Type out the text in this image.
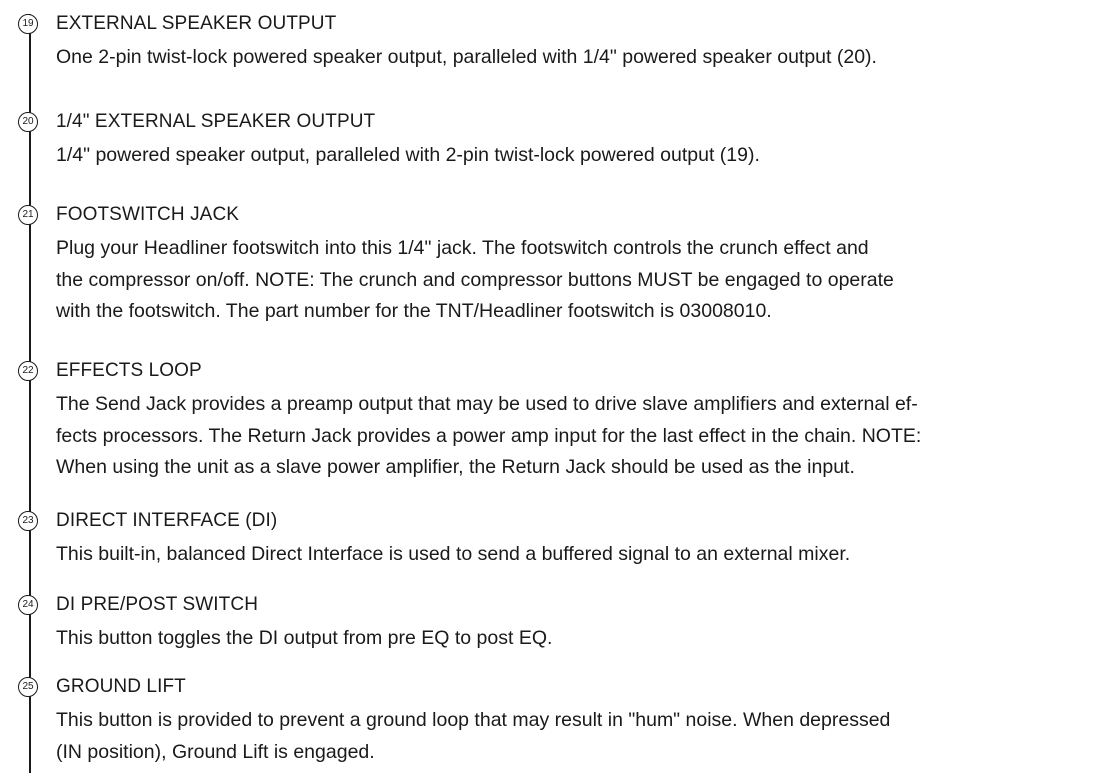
19 EXTERNAL SPEAKER OUTPUT
One 2-pin twist-lock powered speaker output, paralleled with 1/4" powered speaker output (20).
20 1/4" EXTERNAL SPEAKER OUTPUT
1/4" powered speaker output, paralleled with 2-pin twist-lock powered output (19).
21 FOOTSWITCH JACK
Plug your Headliner footswitch into this 1/4" jack. The footswitch controls the crunch effect and
the compressor on/off. NOTE: The crunch and compressor buttons MUST be engaged to operate
with the footswitch. The part number for the TNT/Headliner footswitch is 03008010.
22 EFFECTS LOOP
The Send Jack provides a preamp output that may be used to drive slave amplifiers and external ef-
fects processors. The Return Jack provides a power amp input for the last effect in the chain. NOTE:
When using the unit as a slave power amplifier, the Return Jack should be used as the input.
23 DIRECT INTERFACE (DI)
This built-in, balanced Direct Interface is used to send a buffered signal to an external mixer.
24 DI PRE/POST SWITCH
This button toggles the DI output from pre EQ to post EQ.
25 GROUND LIFT
This button is provided to prevent a ground loop that may result in "hum" noise. When depressed
(IN position), Ground Lift is engaged.
